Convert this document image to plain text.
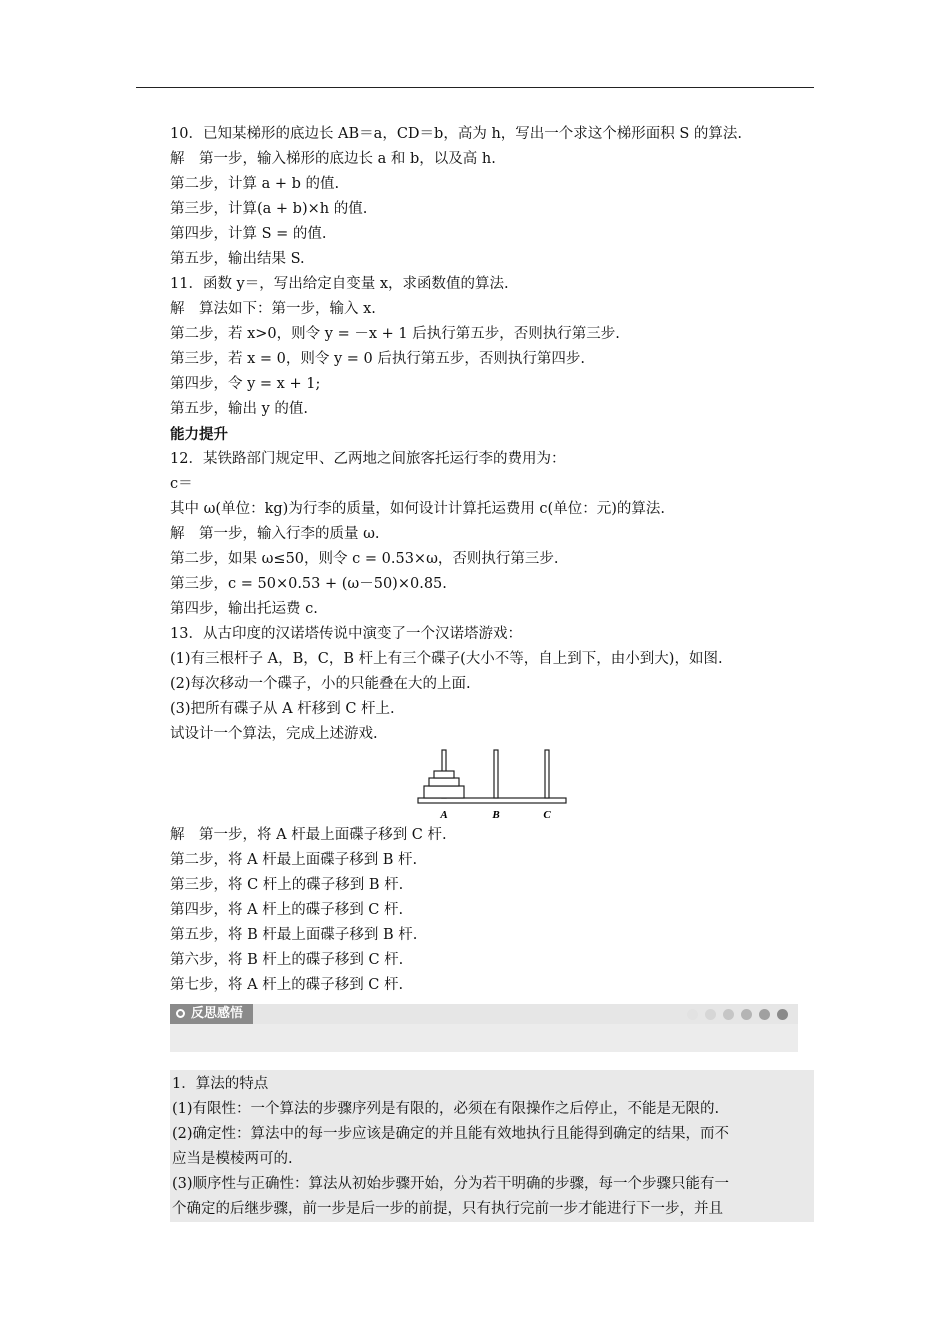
10．已知某梯形的底边长 AB＝a，CD＝b，高为 h，写出一个求这个梯形面积 S 的算法.
解　第一步，输入梯形的底边长 a 和 b，以及高 h.
第二步，计算 a + b 的值.
第三步，计算(a + b)×h 的值.
第四步，计算 S = 的值.
第五步，输出结果 S.
11．函数 y＝，写出给定自变量 x，求函数值的算法.
解　算法如下：第一步，输入 x.
第二步，若 x>0，则令 y = －x + 1 后执行第五步，否则执行第三步.
第三步，若 x = 0，则令 y = 0 后执行第五步，否则执行第四步.
第四步，令 y = x + 1;
第五步，输出 y 的值.
能力提升
12．某铁路部门规定甲、乙两地之间旅客托运行李的费用为：
c＝
其中 ω(单位：kg)为行李的质量，如何设计计算托运费用 c(单位：元)的算法.
解　第一步，输入行李的质量 ω.
第二步，如果 ω≤50，则令 c = 0.53×ω，否则执行第三步.
第三步，c = 50×0.53 + (ω－50)×0.85.
第四步，输出托运费 c.
13．从古印度的汉诺塔传说中演变了一个汉诺塔游戏：
(1)有三根杆子 A，B，C，B 杆上有三个碟子(大小不等，自上到下，由小到大)，如图.
(2)每次移动一个碟子，小的只能叠在大的上面.
(3)把所有碟子从 A 杆移到 C 杆上.
试设计一个算法，完成上述游戏.
A	B	C
解　第一步，将 A 杆最上面碟子移到 C 杆.
第二步，将 A 杆最上面碟子移到 B 杆.
第三步，将 C 杆上的碟子移到 B 杆.
第四步，将 A 杆上的碟子移到 C 杆.
第五步，将 B 杆最上面碟子移到 B 杆.
第六步，将 B 杆上的碟子移到 C 杆.
第七步，将 A 杆上的碟子移到 C 杆.
反思感悟
1．算法的特点
(1)有限性：一个算法的步骤序列是有限的，必须在有限操作之后停止，不能是无限的.
(2)确定性：算法中的每一步应该是确定的并且能有效地执行且能得到确定的结果，而不
应当是模棱两可的.
(3)顺序性与正确性：算法从初始步骤开始，分为若干明确的步骤，每一个步骤只能有一
个确定的后继步骤，前一步是后一步的前提，只有执行完前一步才能进行下一步，并且
